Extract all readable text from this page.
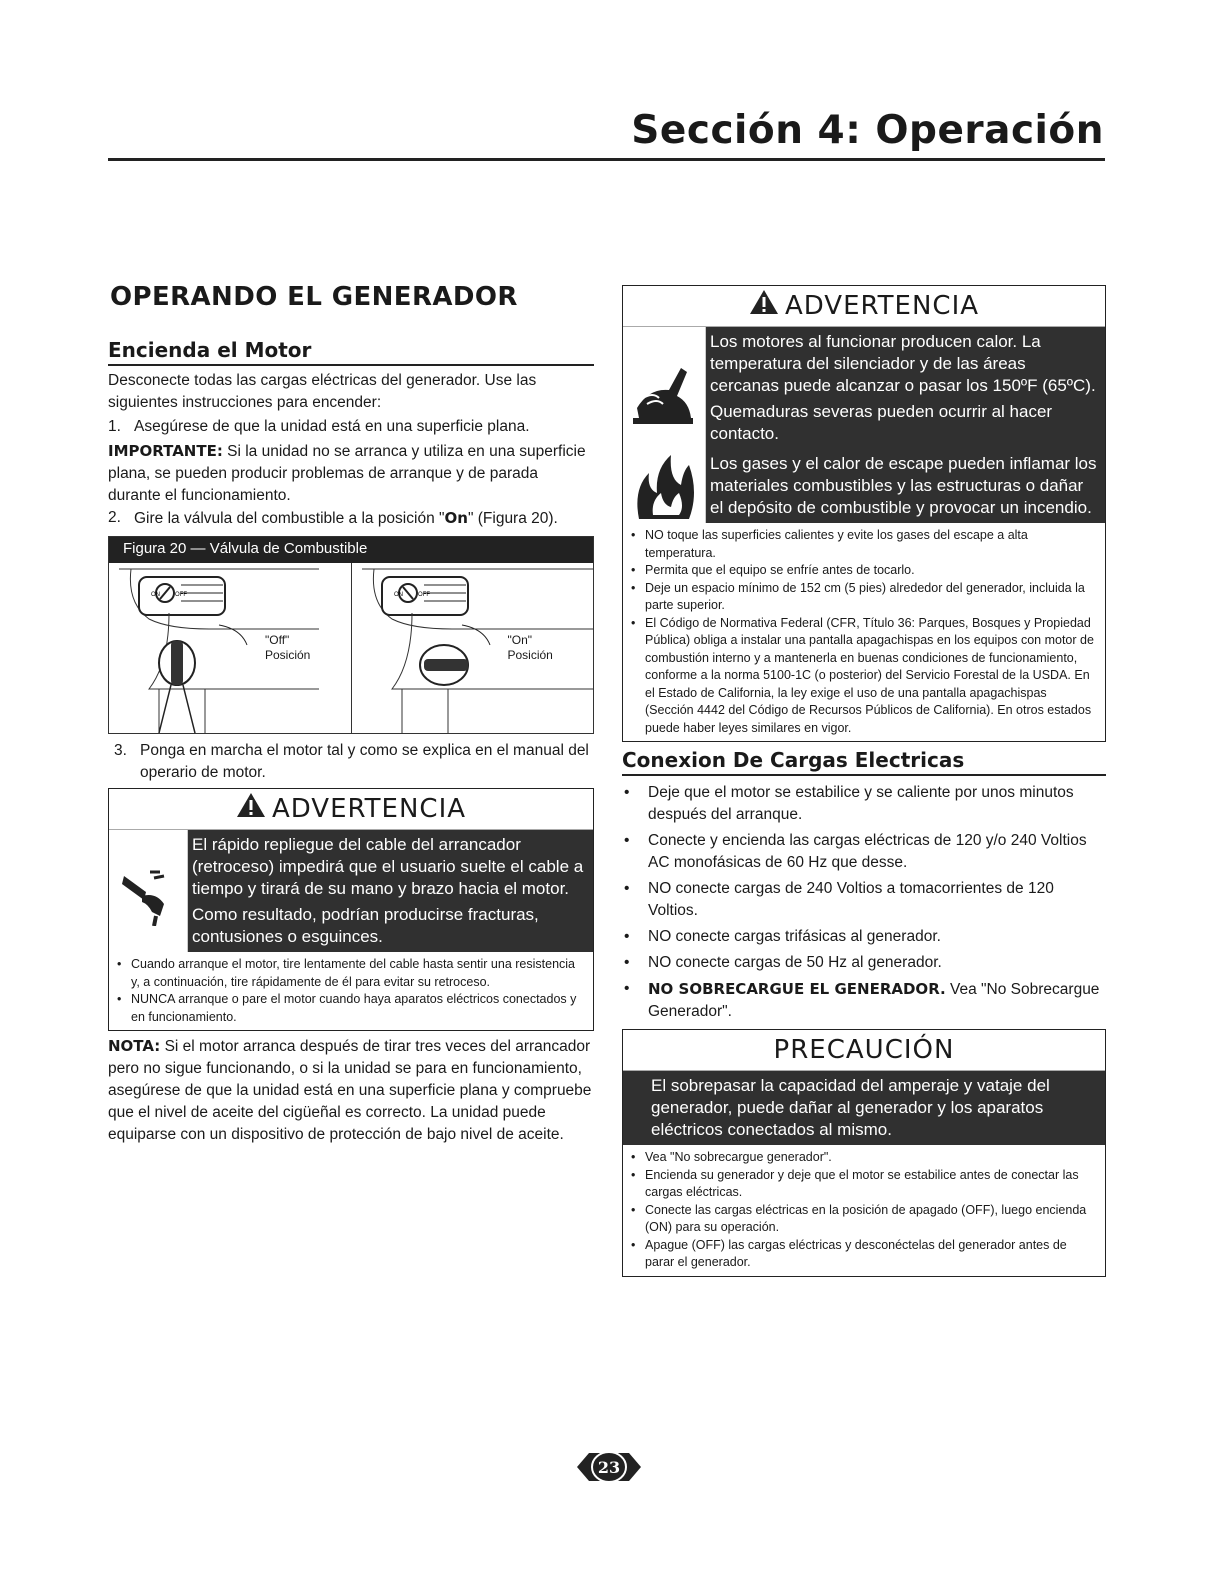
Sección 4: Operación
OPERANDO EL GENERADOR
Encienda el Motor

Desconecte todas las cargas eléctricas del generador. Use las siguientes instrucciones para encender:

1. Asegúrese de que la unidad está en una superficie plana.

IMPORTANTE: Si la unidad no se arranca y utiliza en una superficie plana, se pueden producir problemas de arranque y de parada durante el funcionamiento.

2. Gire la válvula del combustible a la posición "On" (Figura 20).
Figura 20 — Válvula de Combustible
ON	OFF
"Off"
Posición
ON	OFF
"On"
Posición
3. Ponga en marcha el motor tal y como se explica en el manual del operario de motor.
ADVERTENCIA
El rápido repliegue del cable del arrancador (retroceso) impedirá que el usuario suelte el cable a tiempo y tirará de su mano y brazo hacia el motor.
Como resultado, podrían producirse fracturas, contusiones o esguinces.
• Cuando arranque el motor, tire lentamente del cable hasta sentir una resistencia y, a continuación, tire rápidamente de él para evitar su retroceso.
• NUNCA arranque o pare el motor cuando haya aparatos eléctricos conectados y en funcionamiento.

NOTA: Si el motor arranca después de tirar tres veces del arrancador pero no sigue funcionando, o si la unidad se para en funcionamiento, asegúrese de que la unidad está en una superficie plana y compruebe que el nivel de aceite del cigüeñal es correcto. La unidad puede equiparse con un dispositivo de protección de bajo nivel de aceite.

ADVERTENCIA
Los motores al funcionar producen calor. La temperatura del silenciador y de las áreas cercanas puede alcanzar o pasar los 150ºF (65ºC).
Quemaduras severas pueden ocurrir al hacer contacto.
Los gases y el calor de escape pueden inflamar los materiales combustibles y las estructuras o dañar el depósito de combustible y provocar un incendio.
• NO toque las superficies calientes y evite los gases del escape a alta temperatura.
• Permita que el equipo se enfríe antes de tocarlo.
• Deje un espacio mínimo de 152 cm (5 pies) alrededor del generador, incluida la parte superior.
• El Código de Normativa Federal (CFR, Título 36: Parques, Bosques y Propiedad Pública) obliga a instalar una pantalla apagachispas en los equipos con motor de combustión interno y a mantenerla en buenas condiciones de funcionamiento, conforme a la norma 5100-1C (o posterior) del Servicio Forestal de la USDA. En el Estado de California, la ley exige el uso de una pantalla apagachispas (Sección 4442 del Código de Recursos Públicos de California). En otros estados puede haber leyes similares en vigor.
Conexion De Cargas Electricas
• Deje que el motor se estabilice y se caliente por unos minutos después del arranque.
• Conecte y encienda las cargas eléctricas de 120 y/o 240 Voltios AC monofásicas de 60 Hz que desse.
• NO conecte cargas de 240 Voltios a tomacorrientes de 120 Voltios.
• NO conecte cargas trifásicas al generador.
• NO conecte cargas de 50 Hz al generador.
• NO SOBRECARGUE EL GENERADOR. Vea "No Sobrecargue Generador".
PRECAUCIÓN
El sobrepasar la capacidad del amperaje y vataje del generador, puede dañar al generador y los aparatos eléctricos conectados al mismo.
• Vea "No sobrecargue generador".
• Encienda su generador y deje que el motor se estabilice antes de conectar las cargas eléctricas.
• Conecte las cargas eléctricas en la posición de apagado (OFF), luego encienda (ON) para su operación.
• Apague (OFF) las cargas eléctricas y desconéctelas del generador antes de parar el generador.
23
